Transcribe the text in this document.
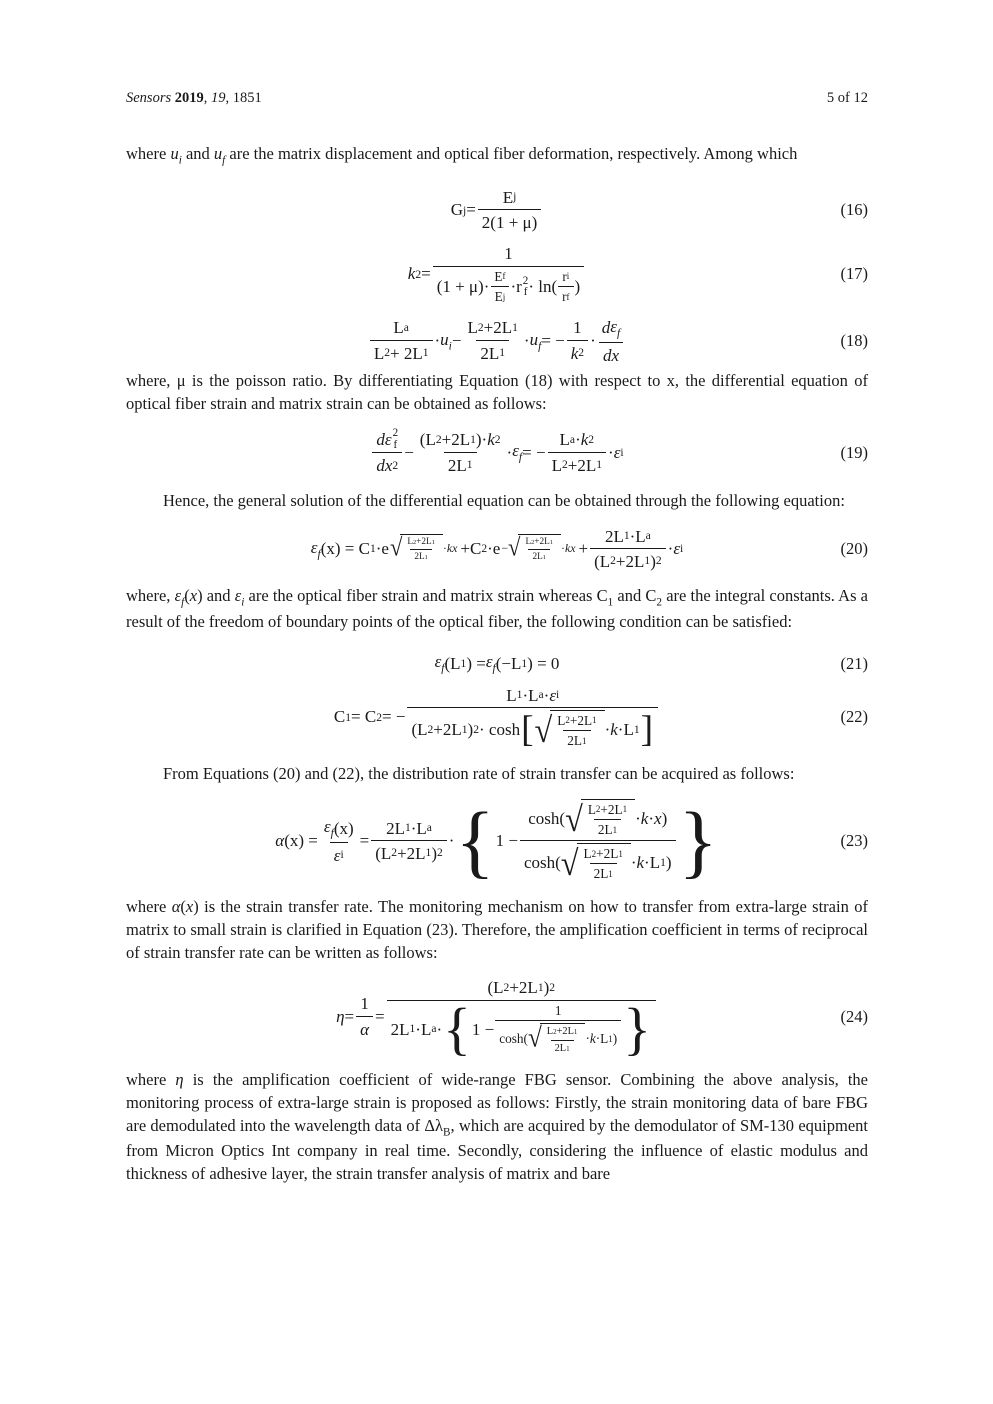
Sensors 2019, 19, 1851	5 of 12

where $u_i$ and $u_f$ are the matrix displacement and optical fiber deformation, respectively. Among which

G $j = \frac{\text{E j}}{2(1 + \mu)}$	(16)
k 2 = 1
$(1 + \mu)\cdot \frac{\text{E f}}{\text{E j}} \cdot r$ 2
$f \cdot \ln( \frac{\text{r i}}{\text{r f}}$ )	(17)
$\frac{\text{L a}}{L 2 + 2L 1} \cdot u_i - \frac{L 2 +2L 1}{2L 1} \cdot u_f$ = − $\frac{1}{k 2} \cdot \frac{d \varepsilon_f}{dx}$	(18)

where, μ is the poisson ratio. By differentiating Equation (18) with respect to x, the differential equation of optical fiber strain and matrix strain can be obtained as follows:

d ε 2
f
dx $2 - \frac{(L 2 +2L 1 )\cdot k 2}{2L 1} \cdot \varepsilon_f$ = − $\frac{\text{L a · k 2}}{L 2 +2L 1} \cdot \varepsilon$ i	(19)

Hence, the general solution of the differential equation can be obtained through the following equation:

$\varepsilon_f$ (x) = C 1 ·e √ $\frac{L 2 +2L 1}{2L 1}$ · kx +C 2 ·e − √ $\frac{L 2 +2L 1}{2L 1}$ · kx + $\frac{\text{2L 1 ·L a}}{(L 2 +2L 1 ) 2} \cdot \varepsilon$ i	(20)

where, $\varepsilon_f(x)$ and $\varepsilon_i$ are the optical fiber strain and matrix strain whereas $C_1$ and $C_2$ are the integral constants. As a result of the freedom of boundary points of the optical fiber, the following condition can be satisfied:

$\varepsilon_f$ (L 1 ) = $\varepsilon_f$ (−L 1 ) = 0	(21)
C 1 = C 2 = − $\frac{\text{L 1 ·L a · ε i}}{(L 2 +2L 1 ) 2 \cdot \cosh [ √ \frac{L 2 +2L 1}{2L 1} \cdot k \cdot L 1 ]}$	(22)

From Equations (20) and (22), the distribution rate of strain transfer can be acquired as follows:

α $(x) = \frac{\varepsilon_f (x)}{\text{ε i}} = \frac{\text{2L 1 ·L a}}{(L 2 +2L 1 ) 2}$ · { $1 - \frac{\cosh( √ \frac{L 2 +2L 1}{2L 1} \cdot k \cdot x )}{\cosh( √ \frac{L 2 +2L 1}{2L 1} \cdot k \cdot L 1 )}$ }	(23)

where α(x) is the strain transfer rate. The monitoring mechanism on how to transfer from extra-large strain of matrix to small strain is clarified in Equation (23). Therefore, the amplification coefficient in terms of reciprocal of strain transfer rate can be written as follows:

$\eta = \frac{1}{\alpha} = \frac{(L 2 +2L 1 ) 2}{2L 1 \cdot L a \cdot \{ 1 - \frac{1}{\cosh( √ \frac{L 2 +2L 1}{2L 1} \cdot k \cdot L 1 )} \}}$	(24)

where η is the amplification coefficient of wide-range FBG sensor. Combining the above analysis, the monitoring process of extra-large strain is proposed as follows: Firstly, the strain monitoring data of bare FBG are demodulated into the wavelength data of $\Delta\lambda_B$, which are acquired by the demodulator of SM-130 equipment from Micron Optics Int company in real time. Secondly, considering the influence of elastic modulus and thickness of adhesive layer, the strain transfer analysis of matrix and bare
